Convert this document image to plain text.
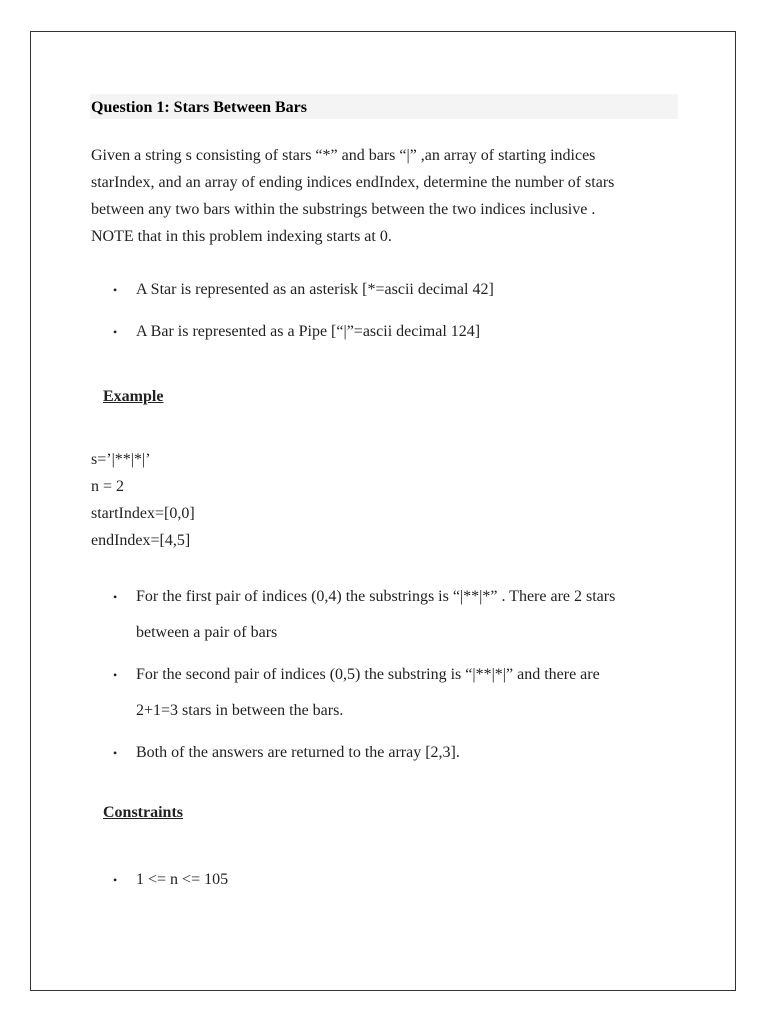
Question 1: Stars Between Bars

Given a string s consisting of stars “*” and bars “|” ,an array of starting indices
starIndex, and an array of ending indices endIndex, determine the number of stars
between any two bars within the substrings between the two indices inclusive .
NOTE that in this problem indexing starts at 0.

• A Star is represented as an asterisk [*=ascii decimal 42]
• A Bar is represented as a Pipe [“|”=ascii decimal 124]
Example

s=’|**|*|’
n = 2
startIndex=[0,0]
endIndex=[4,5]

• For the first pair of indices (0,4) the substrings is “|**|*” . There are 2 stars
between a pair of bars
• For the second pair of indices (0,5) the substring is “|**|*|” and there are
2+1=3 stars in between the bars.
• Both of the answers are returned to the array [2,3].
Constraints
• 1 <= n <= 105
